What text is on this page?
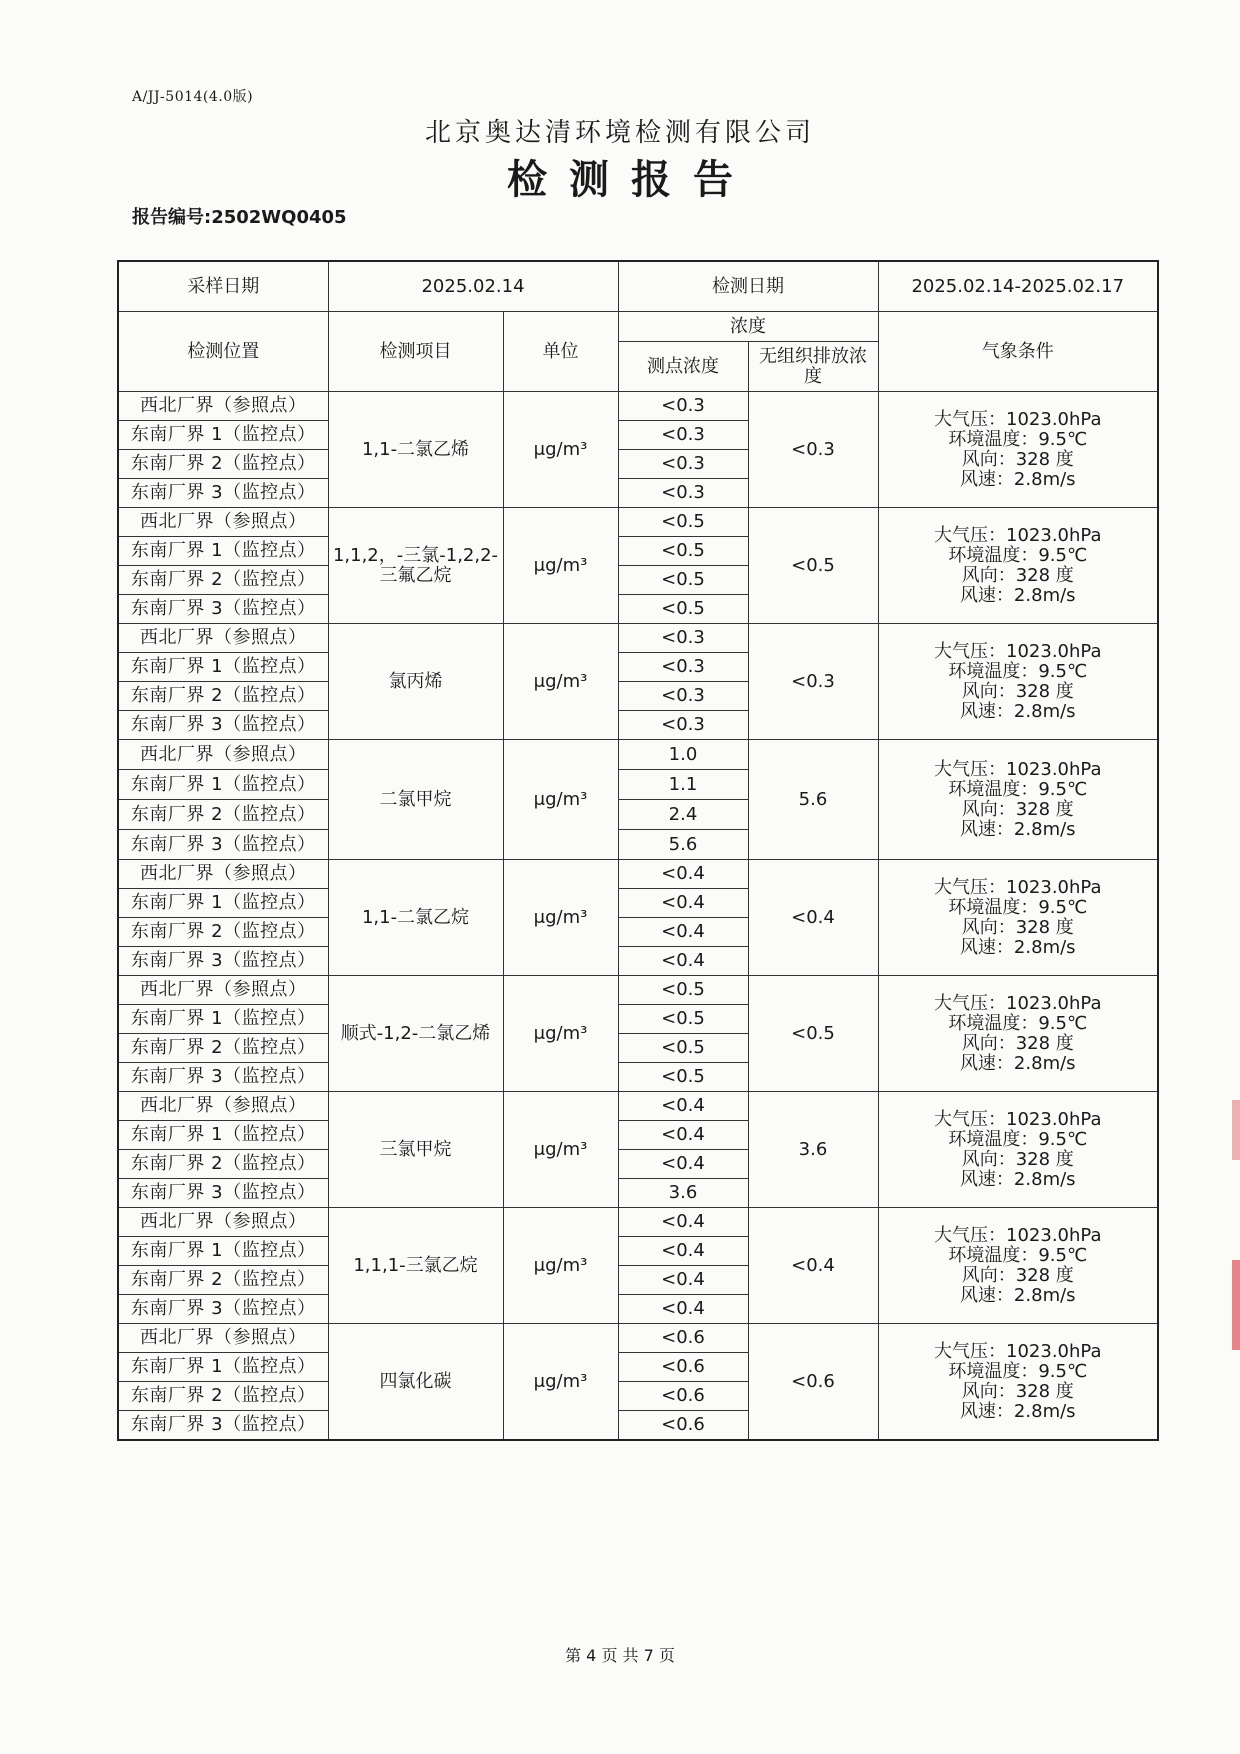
A/JJ-5014(4.0版)
北京奥达清环境检测有限公司
检测报告
报告编号:2502WQ0405
采样日期	2025.02.14		检测日期		2025.02.14-2025.02.17
检测位置	检测项目	单位	浓度		气象条件
			测点浓度	无组织排放浓度	
西北厂界（参照点）	1,1-二氯乙烯	μg/m³	<0.3	<0.3	大气压：1023.0hPa
环境温度：9.5℃
风向：328 度
风速：2.8m/s

东南厂界 1（监控点）			<0.3		
东南厂界 2（监控点）			<0.3		
东南厂界 3（监控点）			<0.3		
西北厂界（参照点）	1,1,2，-三氯-1,2,2-三氟乙烷	μg/m³	<0.5	<0.5	大气压：1023.0hPa
环境温度：9.5℃
风向：328 度
风速：2.8m/s

东南厂界 1（监控点）			<0.5		
东南厂界 2（监控点）			<0.5		
东南厂界 3（监控点）			<0.5		
西北厂界（参照点）	氯丙烯	μg/m³	<0.3	<0.3	大气压：1023.0hPa
环境温度：9.5℃
风向：328 度
风速：2.8m/s

东南厂界 1（监控点）			<0.3		
东南厂界 2（监控点）			<0.3		
东南厂界 3（监控点）			<0.3		
西北厂界（参照点）	二氯甲烷	μg/m³	1.0	5.6	大气压：1023.0hPa
环境温度：9.5℃
风向：328 度
风速：2.8m/s

东南厂界 1（监控点）			1.1		
东南厂界 2（监控点）			2.4		
东南厂界 3（监控点）			5.6		
西北厂界（参照点）	1,1-二氯乙烷	μg/m³	<0.4	<0.4	大气压：1023.0hPa
环境温度：9.5℃
风向：328 度
风速：2.8m/s

东南厂界 1（监控点）			<0.4		
东南厂界 2（监控点）			<0.4		
东南厂界 3（监控点）			<0.4		
西北厂界（参照点）	顺式-1,2-二氯乙烯	μg/m³	<0.5	<0.5	大气压：1023.0hPa
环境温度：9.5℃
风向：328 度
风速：2.8m/s

东南厂界 1（监控点）			<0.5		
东南厂界 2（监控点）			<0.5		
东南厂界 3（监控点）			<0.5		
西北厂界（参照点）	三氯甲烷	μg/m³	<0.4	3.6	大气压：1023.0hPa
环境温度：9.5℃
风向：328 度
风速：2.8m/s

东南厂界 1（监控点）			<0.4		
东南厂界 2（监控点）			<0.4		
东南厂界 3（监控点）			3.6		
西北厂界（参照点）	1,1,1-三氯乙烷	μg/m³	<0.4	<0.4	大气压：1023.0hPa
环境温度：9.5℃
风向：328 度
风速：2.8m/s

东南厂界 1（监控点）			<0.4		
东南厂界 2（监控点）			<0.4		
东南厂界 3（监控点）			<0.4		
西北厂界（参照点）	四氯化碳	μg/m³	<0.6	<0.6	大气压：1023.0hPa
环境温度：9.5℃
风向：328 度
风速：2.8m/s

东南厂界 1（监控点）			<0.6		
东南厂界 2（监控点）			<0.6		
东南厂界 3（监控点）			<0.6		
第 4 页 共 7 页
